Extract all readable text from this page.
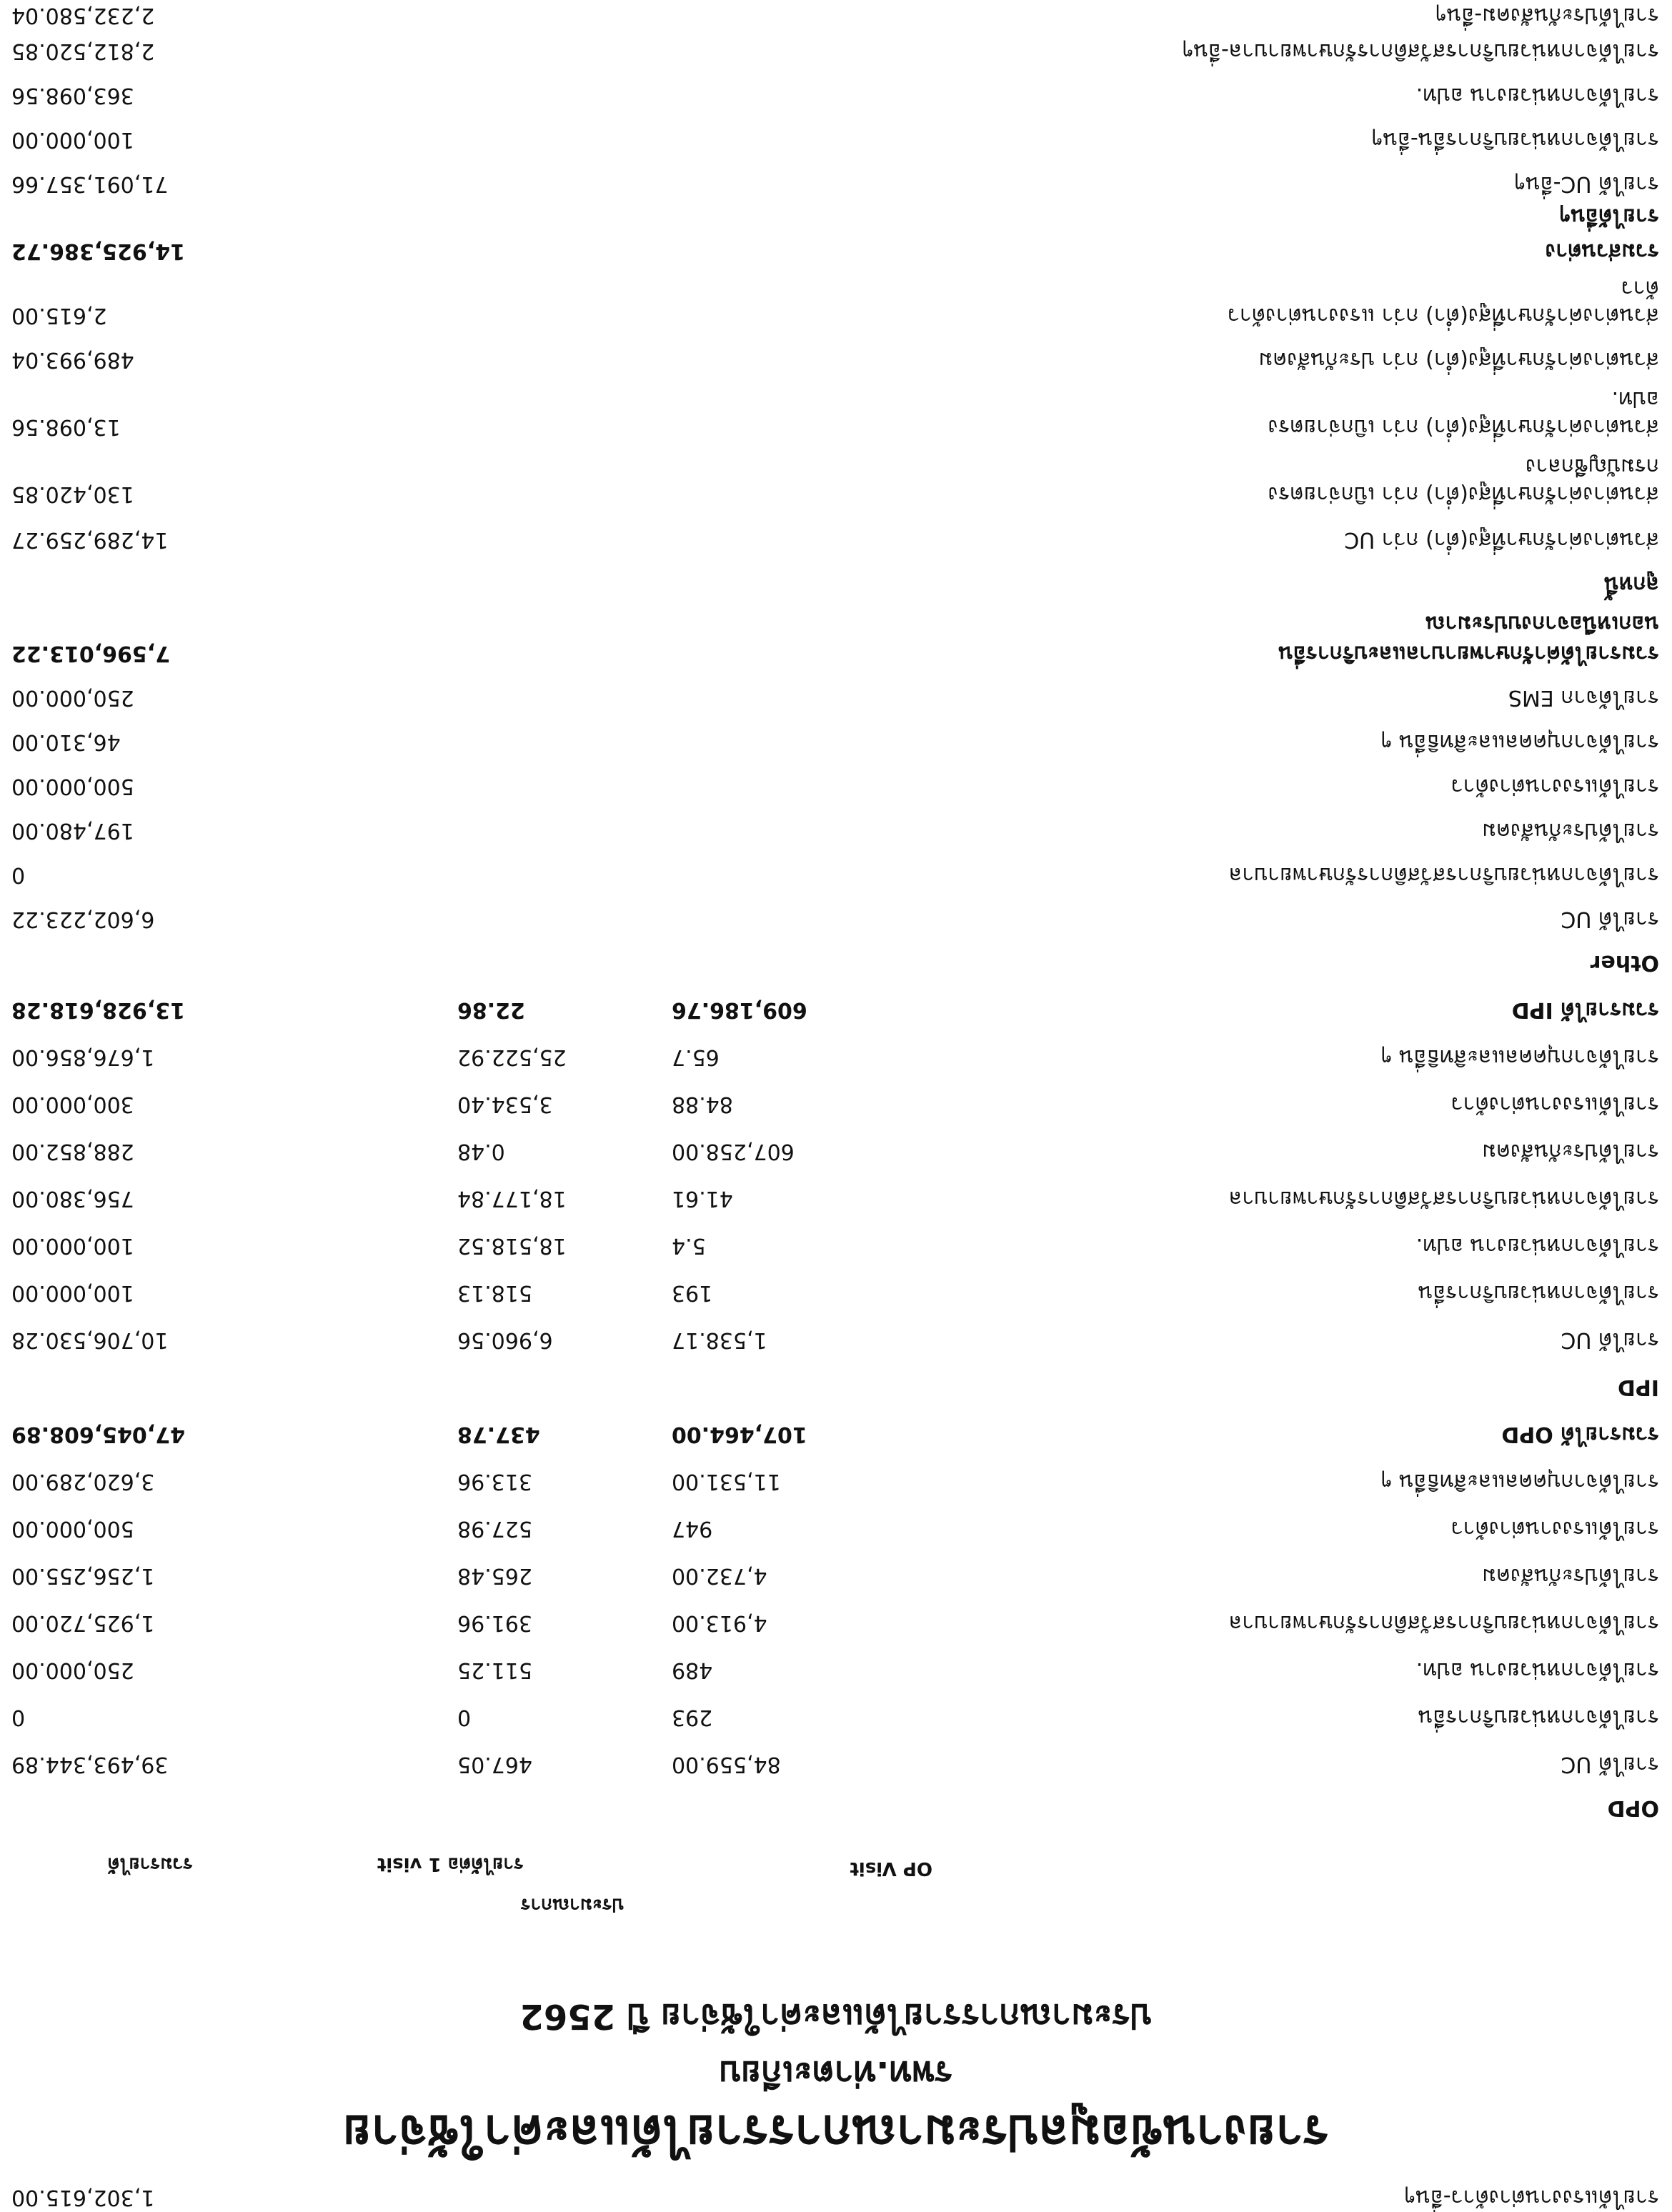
รายงานข้อมูลประมาณการรายได้และค่าใช้จ่าย
รพท.ท่าตะเกียบ
ประมาณการรายได้และค่าใช้จ่าย ปี 2562
ประมาณการ
OP Visit
รายได้ต่อ 1 visit
รวมรายได้
OPD
รายได้ UC
84,559.00
467.05
39,493,344.89
รายได้จากหน่วยบริการอื่น
293
0
0
รายได้จากหน่วยงาน อปท.
489
511.25
250,000.00
รายได้จากหน่วยบริการสวัสดิการรักษาพยาบาล
4,913.00
391.96
1,925,720.00
รายได้ประกันสังคม
4,732.00
265.48
1,256,255.00
รายได้แรงงานต่างด้าว
947
527.98
500,000.00
รายได้จากบุคคลและสิทธิอื่น ๆ
11,531.00
313.96
3,620,289.00
รวมรายได้ OPD
107,464.00
437.78
47,045,608.89
IPD
รายได้ UC
1,538.17
6,960.56
10,706,530.28
รายได้จากหน่วยบริการอื่น
193
518.13
100,000.00
รายได้จากหน่วยงาน อปท.
5.4
18,518.52
100,000.00
รายได้จากหน่วยบริการสวัสดิการรักษาพยาบาล
41.61
18,177.84
756,380.00
รายได้ประกันสังคม
607,258.00
0.48
288,852.00
รายได้แรงงานต่างด้าว
84.88
3,534.40
300,000.00
รายได้จากบุคคลและสิทธิอื่น ๆ
65.7
25,522.92
1,676,856.00
รวมรายได้ IPD
609,186.76
22.86
13,928,618.28
Other
รายได้ UC
6,602,223.22
รายได้จากหน่วยบริการสวัสดิการรักษาพยาบาล
0
รายได้ประกันสังคม
197,480.00
รายได้แรงงานต่างด้าว
500,000.00
รายได้จากบุคคลและสิทธิอื่น ๆ
46,310.00
รายได้จาก EMS
250,000.00
รวมรายได้ค่ารักษาพยาบาลและบริการอื่น
7,596,013.22
นอกเหนือจากงบประมาณ
ลูกหนี้
ส่วนต่างค่ารักษาที่สูง(ต่ำ) กว่า UC
14,289,259.27
ส่วนต่างค่ารักษาที่สูง(ต่ำ) กว่า เบิกจ่ายตรง
130,420.85
กรมบัญชีกลาง
ส่วนต่างค่ารักษาที่สูง(ต่ำ) กว่า เบิกจ่ายตรง
13,098.56
อปท.
ส่วนต่างค่ารักษาที่สูง(ต่ำ) กว่า ประกันสังคม
489,993.04
ส่วนต่างค่ารักษาที่สูง(ต่ำ) กว่า แรงงานต่างด้าว
2,615.00
ด้าว
รวมส่วนต่าง
14,925,386.72
รายได้อื่นๆ
รายได้ UC-อื่นๆ
71,091,357.66
รายได้จากหน่วยบริการอื่น-อื่นๆ
100,000.00
รายได้จากหน่วยงาน อปท.
363,098.56
รายได้จากหน่วยบริการสวัสดิการรักษาพยาบาล-อื่นๆ
2,812,520.85
รายได้ประกันสังคม-อื่นๆ
2,232,580.04
รายได้แรงงานต่างด้าว-อื่นๆ
1,302,615.00
